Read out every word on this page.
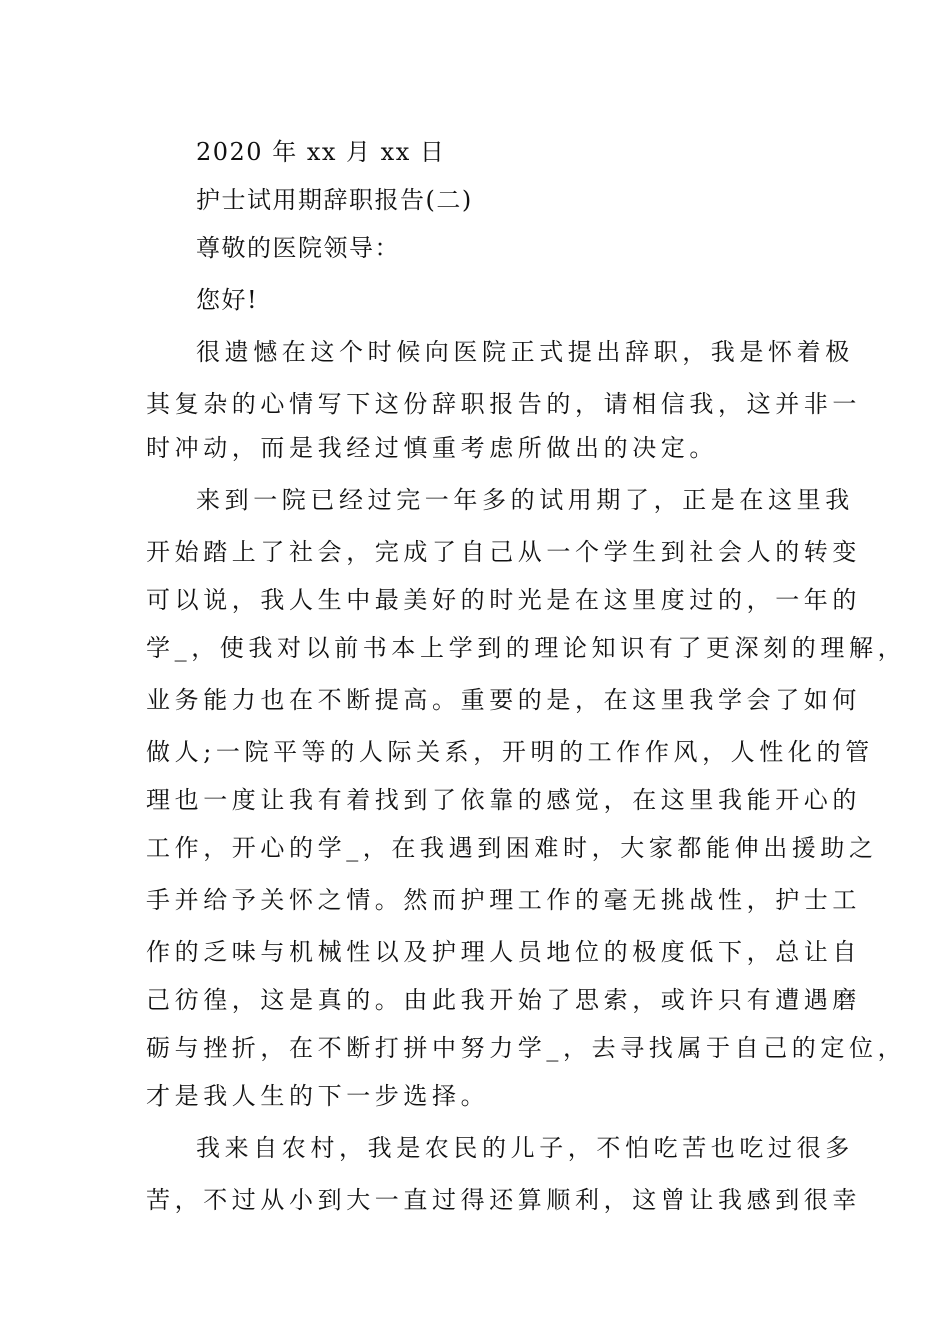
2020 年 xx 月 xx 日
护士试用期辞职报告(二)
尊敬的医院领导：
您好!
很遗憾在这个时候向医院正式提出辞职，我是怀着极
其复杂的心情写下这份辞职报告的，请相信我，这并非一
时冲动，而是我经过慎重考虑所做出的决定。
来到一院已经过完一年多的试用期了，正是在这里我
开始踏上了社会，完成了自己从一个学生到社会人的转变
可以说，我人生中最美好的时光是在这里度过的，一年的
学_，使我对以前书本上学到的理论知识有了更深刻的理解，
业务能力也在不断提高。重要的是，在这里我学会了如何
做人;一院平等的人际关系，开明的工作作风，人性化的管
理也一度让我有着找到了依靠的感觉，在这里我能开心的
工作，开心的学_，在我遇到困难时，大家都能伸出援助之
手并给予关怀之情。然而护理工作的毫无挑战性，护士工
作的乏味与机械性以及护理人员地位的极度低下，总让自
己彷徨，这是真的。由此我开始了思索，或许只有遭遇磨
砺与挫折，在不断打拼中努力学_，去寻找属于自己的定位，
才是我人生的下一步选择。
我来自农村，我是农民的儿子，不怕吃苦也吃过很多
苦，不过从小到大一直过得还算顺利，这曾让我感到很幸
